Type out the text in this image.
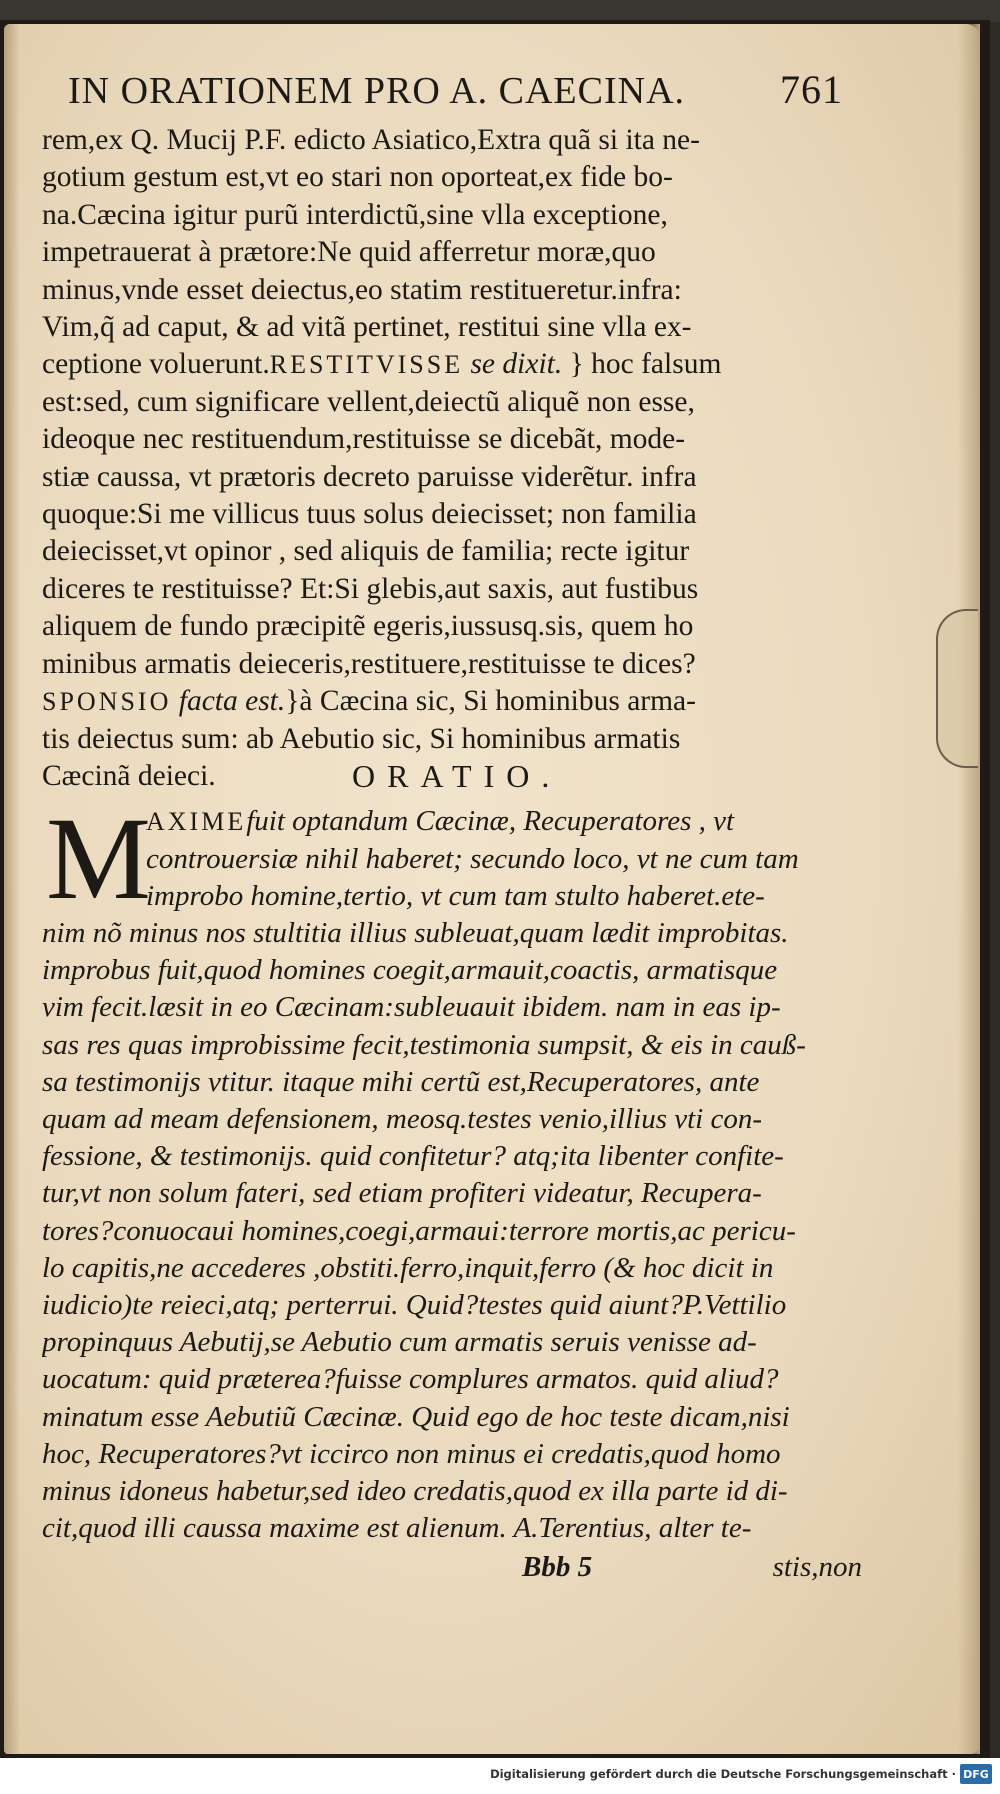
IN ORATIONEM PRO A. CAECINA. 761
rem,ex Q. Mucij P.F. edicto Asiatico,Extra quã si ita ne-
gotium gestum est,vt eo stari non oporteat,ex fide bo-
na.Cæcina igitur purũ interdictũ,sine vlla exceptione,
impetrauerat à prætore:Ne quid afferretur moræ,quo
minus,vnde esset deiectus,eo statim restitueretur.infra:
Vim,q̃ ad caput, & ad vitã pertinet, restitui sine vlla ex-
ceptione voluerunt.RESTITVISSE se dixit. } hoc falsum
est:sed, cum significare vellent,deiectũ aliquẽ non esse,
ideoque nec restituendum,restituisse se dicebãt, mode-
stiæ caussa, vt prætoris decreto paruisse viderẽtur. infra
quoque:Si me villicus tuus solus deiecisset; non familia
deiecisset,vt opinor , sed aliquis de familia; recte igitur
diceres te restituisse? Et:Si glebis,aut saxis, aut fustibus
aliquem de fundo præcipitẽ egeris,iussusq.sis, quem ho
minibus armatis deieceris,restituere,restituisse te dices?
SPONSIO facta est.}à Cæcina sic, Si hominibus arma-
tis deiectus sum: ab Aebutio sic, Si hominibus armatis
Cæcinã deieci.	ORATIO.
M
AXIMEfuit optandum Cæcinæ, Recuperatores , vt
controuersiæ nihil haberet; secundo loco, vt ne cum tam
improbo homine,tertio, vt cum tam stulto haberet.ete-
nim nõ minus nos stultitia illius subleuat,quam lædit improbitas.
improbus fuit,quod homines coegit,armauit,coactis, armatisque
vim fecit.læsit in eo Cæcinam:subleuauit ibidem. nam in eas ip-
sas res quas improbissime fecit,testimonia sumpsit, & eis in cauß-
sa testimonijs vtitur. itaque mihi certũ est,Recuperatores, ante
quam ad meam defensionem, meosq.testes venio,illius vti con-
fessione, & testimonijs. quid confitetur? atq;ita libenter confite-
tur,vt non solum fateri, sed etiam profiteri videatur, Recupera-
tores?conuocaui homines,coegi,armaui:terrore mortis,ac pericu-
lo capitis,ne accederes ,obstiti.ferro,inquit,ferro (& hoc dicit in
iudicio)te reieci,atq; perterrui. Quid?testes quid aiunt?P.Vettilio
propinquus Aebutij,se Aebutio cum armatis seruis venisse ad-
uocatum: quid præterea?fuisse complures armatos. quid aliud?
minatum esse Aebutiũ Cæcinæ. Quid ego de hoc teste dicam,nisi
hoc, Recuperatores?vt iccirco non minus ei credatis,quod homo
minus idoneus habetur,sed ideo credatis,quod ex illa parte id di-
cit,quod illi caussa maxime est alienum. A.Terentius, alter te-
Bbb 5	stis,non
Digitalisierung gefördert durch die Deutsche Forschungsgemeinschaft · DFG
